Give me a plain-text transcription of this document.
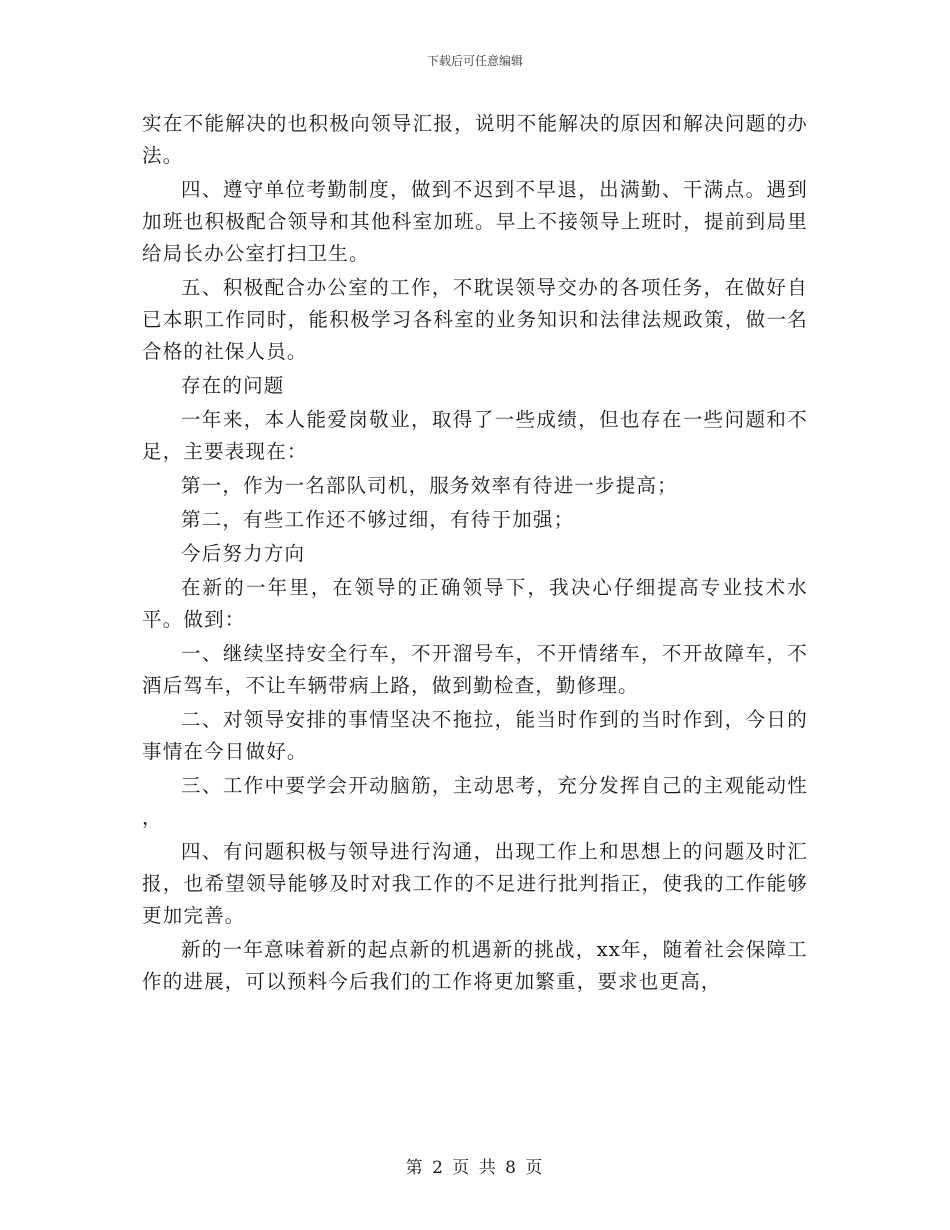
下载后可任意编辑

实在不能解决的也积极向领导汇报，说明不能解决的原因和解决问题的办法。

四、遵守单位考勤制度，做到不迟到不早退，出满勤、干满点。遇到加班也积极配合领导和其他科室加班。早上不接领导上班时，提前到局里给局长办公室打扫卫生。

五、积极配合办公室的工作，不耽误领导交办的各项任务，在做好自已本职工作同时，能积极学习各科室的业务知识和法律法规政策，做一名合格的社保人员。

存在的问题

一年来，本人能爱岗敬业，取得了一些成绩，但也存在一些问题和不足，主要表现在：

第一，作为一名部队司机，服务效率有待进一步提高；

第二，有些工作还不够过细，有待于加强；

今后努力方向

在新的一年里，在领导的正确领导下，我决心仔细提高专业技术水平。做到：

一、继续坚持安全行车，不开溜号车，不开情绪车，不开故障车，不酒后驾车，不让车辆带病上路，做到勤检查，勤修理。

二、对领导安排的事情坚决不拖拉，能当时作到的当时作到，今日的事情在今日做好。

三、工作中要学会开动脑筋，主动思考，充分发挥自己的主观能动性 ，

四、有问题积极与领导进行沟通，出现工作上和思想上的问题及时汇报，也希望领导能够及时对我工作的不足进行批判指正，使我的工作能够更加完善。

新的一年意味着新的起点新的机遇新的挑战，xx年，随着社会保障工作的进展，可以预料今后我们的工作将更加繁重，要求也更高，

第 2 页 共 8 页
